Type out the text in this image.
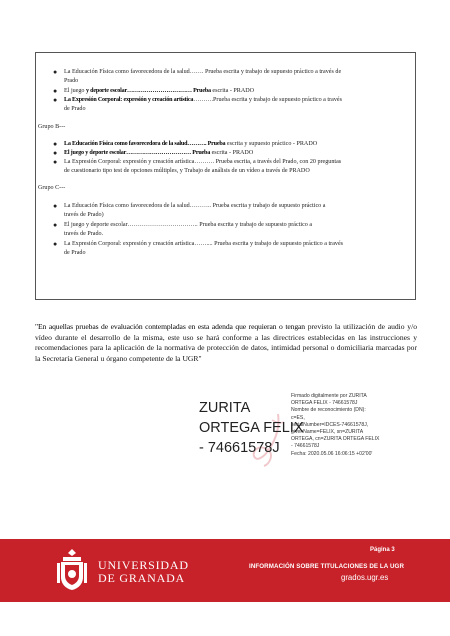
● La Educación Física como favorecedora de la salud……. Prueba escrita y trabajo de supuesto práctico a través de
Prado
● El juego y deporte escolar…………………………… Prueba escrita - PRADO
● La Expresión Corporal: expresión y creación artística……….Prueba escrita y trabajo de supuesto práctico a través
de Prado
Grupo B---
● La Educación Física como favorecedora de la salud………. Prueba escrita y supuesto práctico - PRADO
● El juego y deporte escolar…………………………… Prueba escrita - PRADO
● La Expresión Corporal: expresión y creación artística………. Prueba escrita, a través del Prado, con 20 preguntas
de cuestionario tipo test de opciones múltiples, y Trabajo de análisis de un vídeo a través de PRADO
Grupo C---
● La Educación Física como favorecedora de la salud……….. Prueba escrita y trabajo de supuesto práctico a
través de Prado)
● El juego y deporte escolar…………………………….. Prueba escrita y trabajo de supuesto práctico a
través de Prado.
● La Expresión Corporal: expresión y creación artística…….... Prueba escrita y trabajo de supuesto práctico a través
de Prado
"En aquellas pruebas de evaluación contempladas en esta adenda que requieran o tengan previsto la utilización de audio y/o vídeo durante el desarrollo de la misma, este uso se hará conforme a las directrices establecidas en las instrucciones y recomendaciones para la aplicación de la normativa de protección de datos, intimidad personal o domiciliaria marcadas por la Secretaría General u órgano competente de la UGR"
ZURITA
ORTEGA FELIX
- 74661578J
Firmado digitalmente por ZURITA
ORTEGA FELIX - 74661578J
Nombre de reconocimiento (DN):
c=ES,
serialNumber=IDCES-74661578J,
givenName=FELIX, sn=ZURITA
ORTEGA, cn=ZURITA ORTEGA FELIX
- 74661578J
Fecha: 2020.05.06 16:06:15 +02'00'
UNIVERSIDAD
DE GRANADA
Página 3
INFORMACIÓN SOBRE TITULACIONES DE LA UGR
grados.ugr.es
